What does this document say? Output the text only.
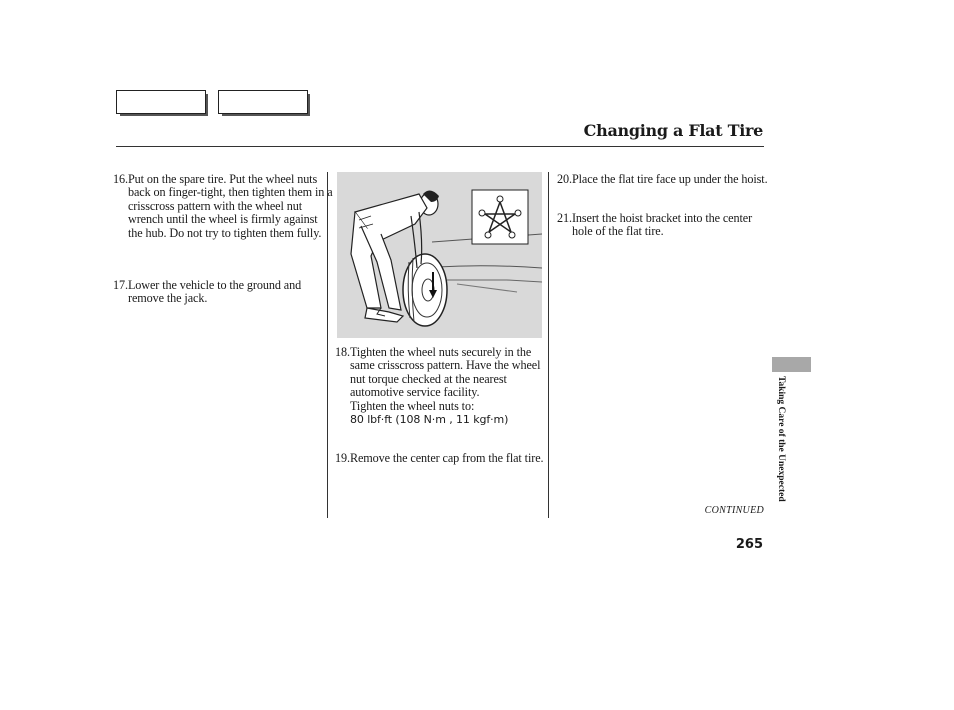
Changing a Flat Tire
16.Put on the spare tire. Put the wheel nuts back on finger-tight, then tighten them in a crisscross pattern with the wheel nut wrench until the wheel is firmly against the hub. Do not try to tighten them fully.
17.Lower the vehicle to the ground and remove the jack.
18.Tighten the wheel nuts securely in the same crisscross pattern. Have the wheel nut torque checked at the nearest automotive service facility.
Tighten the wheel nuts to:
80 lbf·ft (108 N·m , 11 kgf·m)
19.Remove the center cap from the flat tire.
20.Place the flat tire face up under the hoist.
21.Insert the hoist bracket into the center hole of the flat tire.
Taking Care of the Unexpected
CONTINUED
265
